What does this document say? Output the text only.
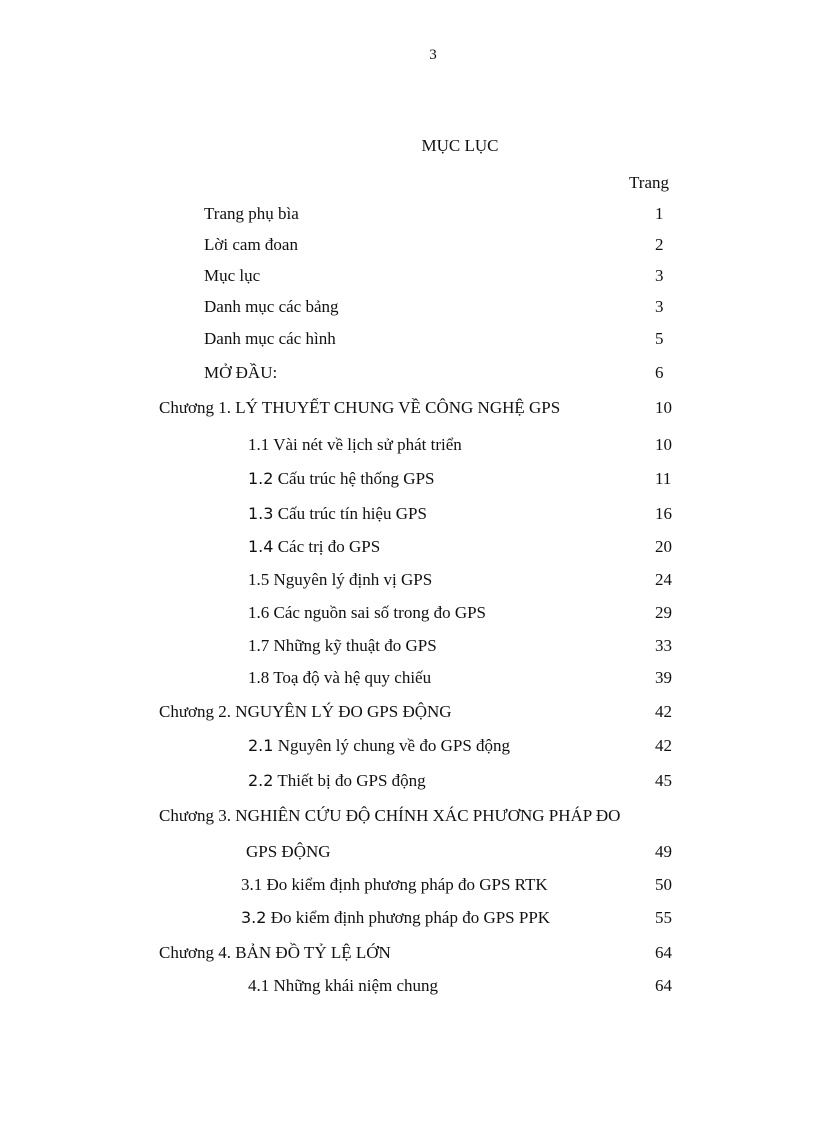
3
MỤC LỤC
Trang
Trang phụ bìa	1
Lời cam đoan	2
Mục lục	3
Danh mục các bảng	3
Danh mục các hình	5
MỞ ĐẦU:	6
Chương 1. LÝ THUYẾT CHUNG VỀ CÔNG NGHỆ GPS	10
1.1 Vài nét về lịch sử phát triển	10
1.2 Cấu trúc hệ thống GPS	11
1.3 Cấu trúc tín hiệu GPS	16
1.4 Các trị đo GPS	20
1.5 Nguyên lý định vị GPS	24
1.6 Các nguồn sai số trong đo GPS	29
1.7 Những kỹ thuật đo GPS	33
1.8 Toạ độ và hệ quy chiếu	39
Chương 2. NGUYÊN LÝ ĐO GPS ĐỘNG	42
2.1 Nguyên lý chung về đo GPS động	42
2.2 Thiết bị đo GPS động	45
Chương 3. NGHIÊN CỨU ĐỘ CHÍNH XÁC PHƯƠNG PHÁP ĐO
GPS ĐỘNG	49
3.1 Đo kiểm định phương pháp đo GPS RTK	50
3.2 Đo kiểm định phương pháp đo GPS PPK	55
Chương 4. BẢN ĐỒ TỶ LỆ LỚN	64
4.1 Những khái niệm chung	64
